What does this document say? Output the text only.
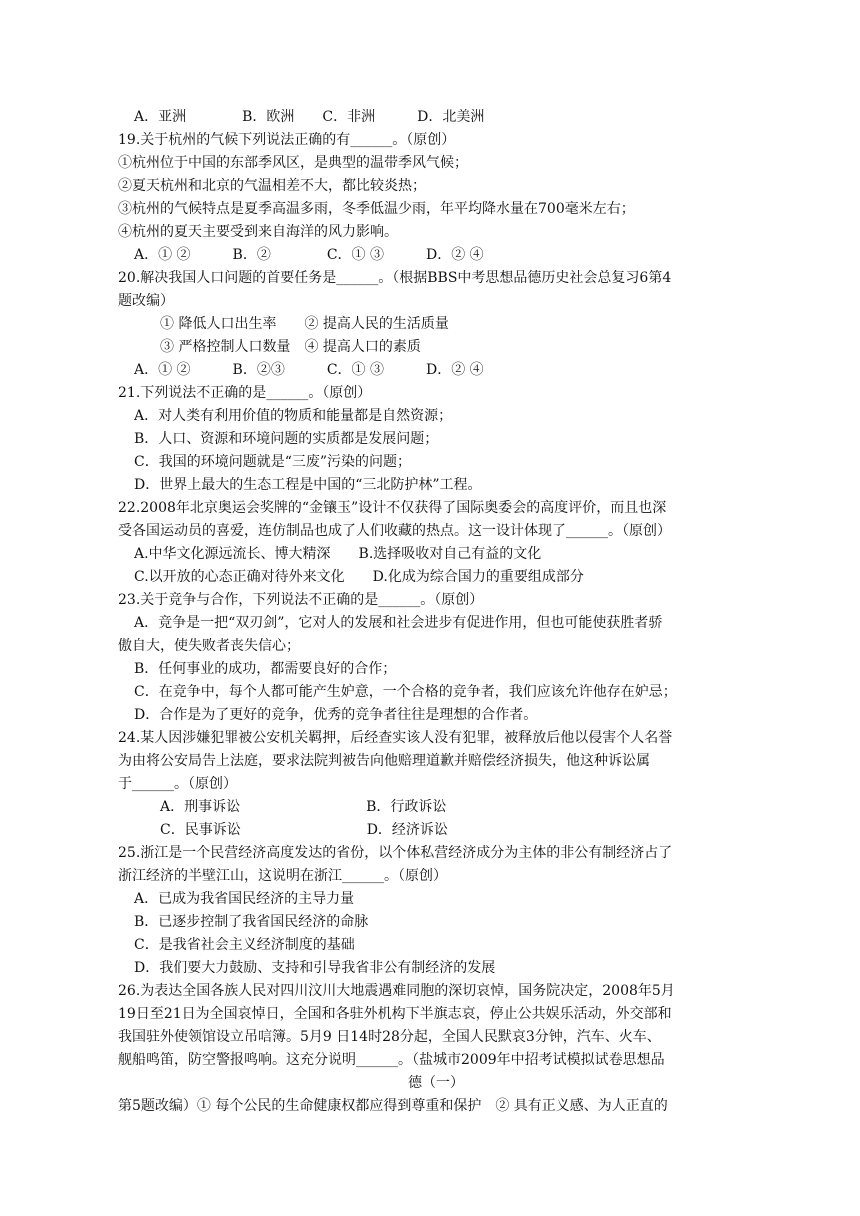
A．亚洲　　　　B．欧洲　　C．非洲　　　D．北美洲
19.关于杭州的气候下列说法正确的有______。（原创）
①杭州位于中国的东部季风区，是典型的温带季风气候；
②夏天杭州和北京的气温相差不大，都比较炎热；
③杭州的气候特点是夏季高温多雨，冬季低温少雨，年平均降水量在700毫米左右；
④杭州的夏天主要受到来自海洋的风力影响。
A．① ②　　　B．②　　　　C．① ③　　　D．② ④
20.解决我国人口问题的首要任务是______。（根据BBS中考思想品德历史社会总复习6第4
题改编）
① 降低人口出生率　　② 提高人民的生活质量
③ 严格控制人口数量　④ 提高人口的素质
A．① ②　　　B．②③　　　C．① ③　　　D．② ④
21.下列说法不正确的是______。（原创）
A．对人类有利用价值的物质和能量都是自然资源；
B．人口、资源和环境问题的实质都是发展问题；
C．我国的环境问题就是“三废”污染的问题；
D．世界上最大的生态工程是中国的“三北防护林”工程。
22.2008年北京奥运会奖牌的“金镶玉”设计不仅获得了国际奥委会的高度评价，而且也深
受各国运动员的喜爱，连仿制品也成了人们收藏的热点。这一设计体现了______。（原创）
A.中华文化源远流长、博大精深　　B.选择吸收对自己有益的文化
C.以开放的心态正确对待外来文化　　D.化成为综合国力的重要组成部分
23.关于竞争与合作，下列说法不正确的是______。（原创）
A．竞争是一把“双刃剑”，它对人的发展和社会进步有促进作用，但也可能使获胜者骄
傲自大，使失败者丧失信心；
B．任何事业的成功，都需要良好的合作；
C．在竞争中，每个人都可能产生妒意，一个合格的竞争者，我们应该允许他存在妒忌；
D．合作是为了更好的竞争，优秀的竞争者往往是理想的合作者。
24.某人因涉嫌犯罪被公安机关羁押，后经查实该人没有犯罪，被释放后他以侵害个人名誉
为由将公安局告上法庭，要求法院判被告向他赔理道歉并赔偿经济损失，他这种诉讼属
于______。（原创）
A．刑事诉讼　　　　　　　　　B．行政诉讼
C．民事诉讼　　　　　　　　　D．经济诉讼
25.浙江是一个民营经济高度发达的省份，以个体私营经济成分为主体的非公有制经济占了
浙江经济的半壁江山，这说明在浙江______。（原创）
A．已成为我省国民经济的主导力量
B．已逐步控制了我省国民经济的命脉
C．是我省社会主义经济制度的基础
D．我们要大力鼓励、支持和引导我省非公有制经济的发展
26.为表达全国各族人民对四川汶川大地震遇难同胞的深切哀悼，国务院决定，2008年5月
19日至21日为全国哀悼日，全国和各驻外机构下半旗志哀，停止公共娱乐活动，外交部和
我国驻外使领馆设立吊唁簿。5月9 日14时28分起，全国人民默哀3分钟，汽车、火车、
舰船鸣笛，防空警报鸣响。这充分说明______。（盐城市2009年中招考试模拟试卷思想品
德（一）
第5题改编）① 每个公民的生命健康权都应得到尊重和保护　② 具有正义感、为人正直的
